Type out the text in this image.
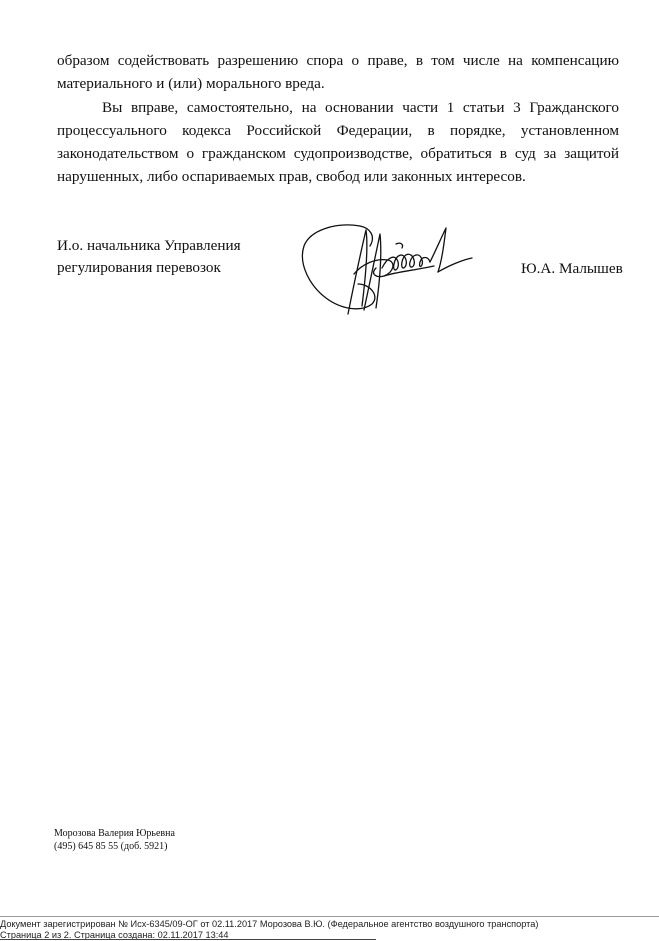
образом содействовать разрешению спора о праве, в том числе на компенсацию материального и (или) морального вреда.

Вы вправе, самостоятельно, на основании части 1 статьи 3 Гражданского процессуального кодекса Российской Федерации, в порядке, установленном законодательством о гражданском судопроизводстве, обратиться в суд за защитой нарушенных, либо оспариваемых прав, свобод или законных интересов.

И.о. начальника Управления
регулирования перевозок	Ю.А. Малышев
Морозова Валерия Юрьевна
(495) 645 85 55 (доб. 5921)
Документ зарегистрирован № Исх-6345/09-ОГ от 02.11.2017 Морозова В.Ю. (Федеральное агентство воздушного транспорта)
Страница 2 из 2. Страница создана: 02.11.2017 13:44
